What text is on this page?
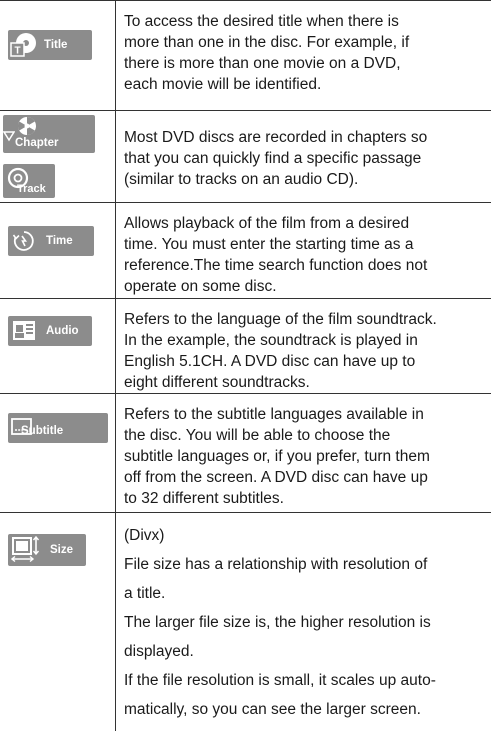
T Title
To access the desired title when there is
more than one in the disc. For example, if
there is more than one movie on a DVD,
each movie will be identified.
Chapter
Track
Most DVD discs are recorded in chapters so
that you can quickly find a specific passage
(similar to tracks on an audio CD).
Time
Allows playback of the film from a desired
time. You must enter the starting time as a
reference.The time search function does not
operate on some disc.
Audio
Refers to the language of the film soundtrack.
In the example, the soundtrack is played in
English 5.1CH. A DVD disc can have up to
eight different soundtracks.
Subtitle
Refers to the subtitle languages available in
the disc. You will be able to choose the
subtitle languages or, if you prefer, turn them
off from the screen. A DVD disc can have up
to 32 different subtitles.
Size
(Divx)
File size has a relationship with resolution of
a title.
The larger file size is, the higher resolution is
displayed.
If the file resolution is small, it scales up auto-
matically, so you can see the larger screen.
